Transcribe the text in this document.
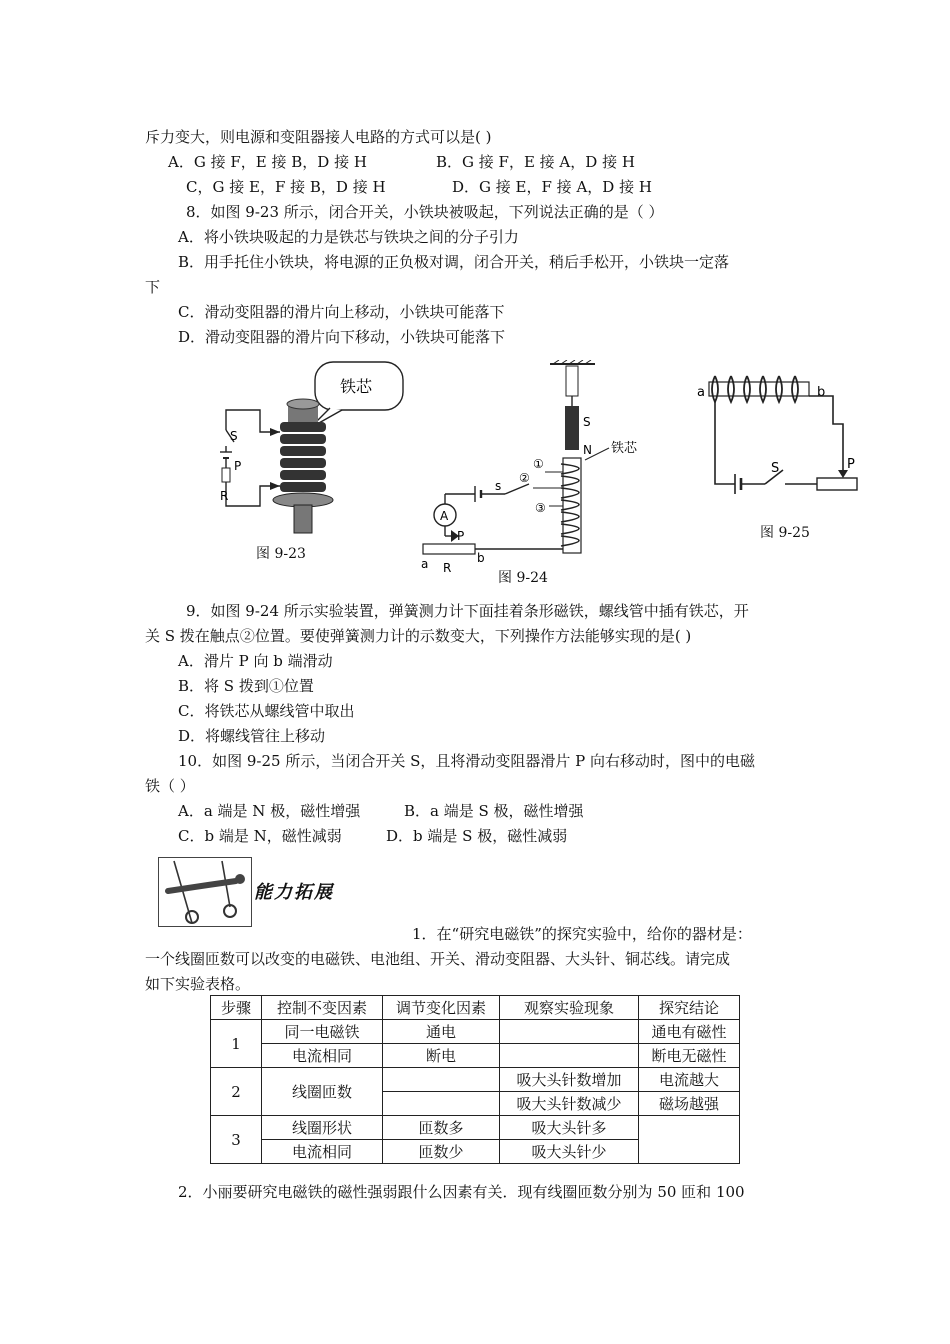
斥力变大，则电源和变阻器接人电路的方式可以是( )
A．G 接 F，E 接 B，D 接 H	B．G 接 F，E 接 A，D 接 H
C，G 接 E，F 接 B，D 接 H	D．G 接 E，F 接 A，D 接 H
8．如图 9-23 所示，闭合开关，小铁块被吸起，下列说法正确的是（ ）
A．将小铁块吸起的力是铁芯与铁块之间的分子引力
B．用手托住小铁块，将电源的正负极对调，闭合开关，稍后手松开，小铁块一定落
下
C．滑动变阻器的滑片向上移动，小铁块可能落下
D．滑动变阻器的滑片向下移动，小铁块可能落下
铁芯
S
P
R
图 9-23
S
N 铁芯
①
②
③
s
A
P
a R
b
图 9-24
a	b
S	P
图 9-25
9．如图 9-24 所示实验装置，弹簧测力计下面挂着条形磁铁，螺线管中插有铁芯，开
关 S 拨在触点②位置。要使弹簧测力计的示数变大，下列操作方法能够实现的是( )
A．滑片 P 向 b 端滑动
B．将 S 拨到①位置
C．将铁芯从螺线管中取出
D．将螺线管往上移动
10．如图 9-25 所示，当闭合开关 S，且将滑动变阻器滑片 P 向右移动时，图中的电磁
铁（ ）
A．a 端是 N 极，磁性增强	B．a 端是 S 极，磁性增强
C．b 端是 N，磁性减弱	D．b 端是 S 极，磁性减弱
能力拓展
1．在“研究电磁铁”的探究实验中，给你的器材是：
一个线圈匝数可以改变的电磁铁、电池组、开关、滑动变阻器、大头针、铜芯线。请完成
如下实验表格。
步骤	控制不变因素	调节变化因素	观察实验现象	探究结论
1	同一电磁铁	通电		通电有磁性
	电流相同	断电		断电无磁性
2	线圈匝数		吸大头针数增加	电流越大
			吸大头针数减少	磁场越强
3	线圈形状	匝数多	吸大头针多	
	电流相同	匝数少	吸大头针少	
2．小丽要研究电磁铁的磁性强弱跟什么因素有关．现有线圈匝数分别为 50 匝和 100
